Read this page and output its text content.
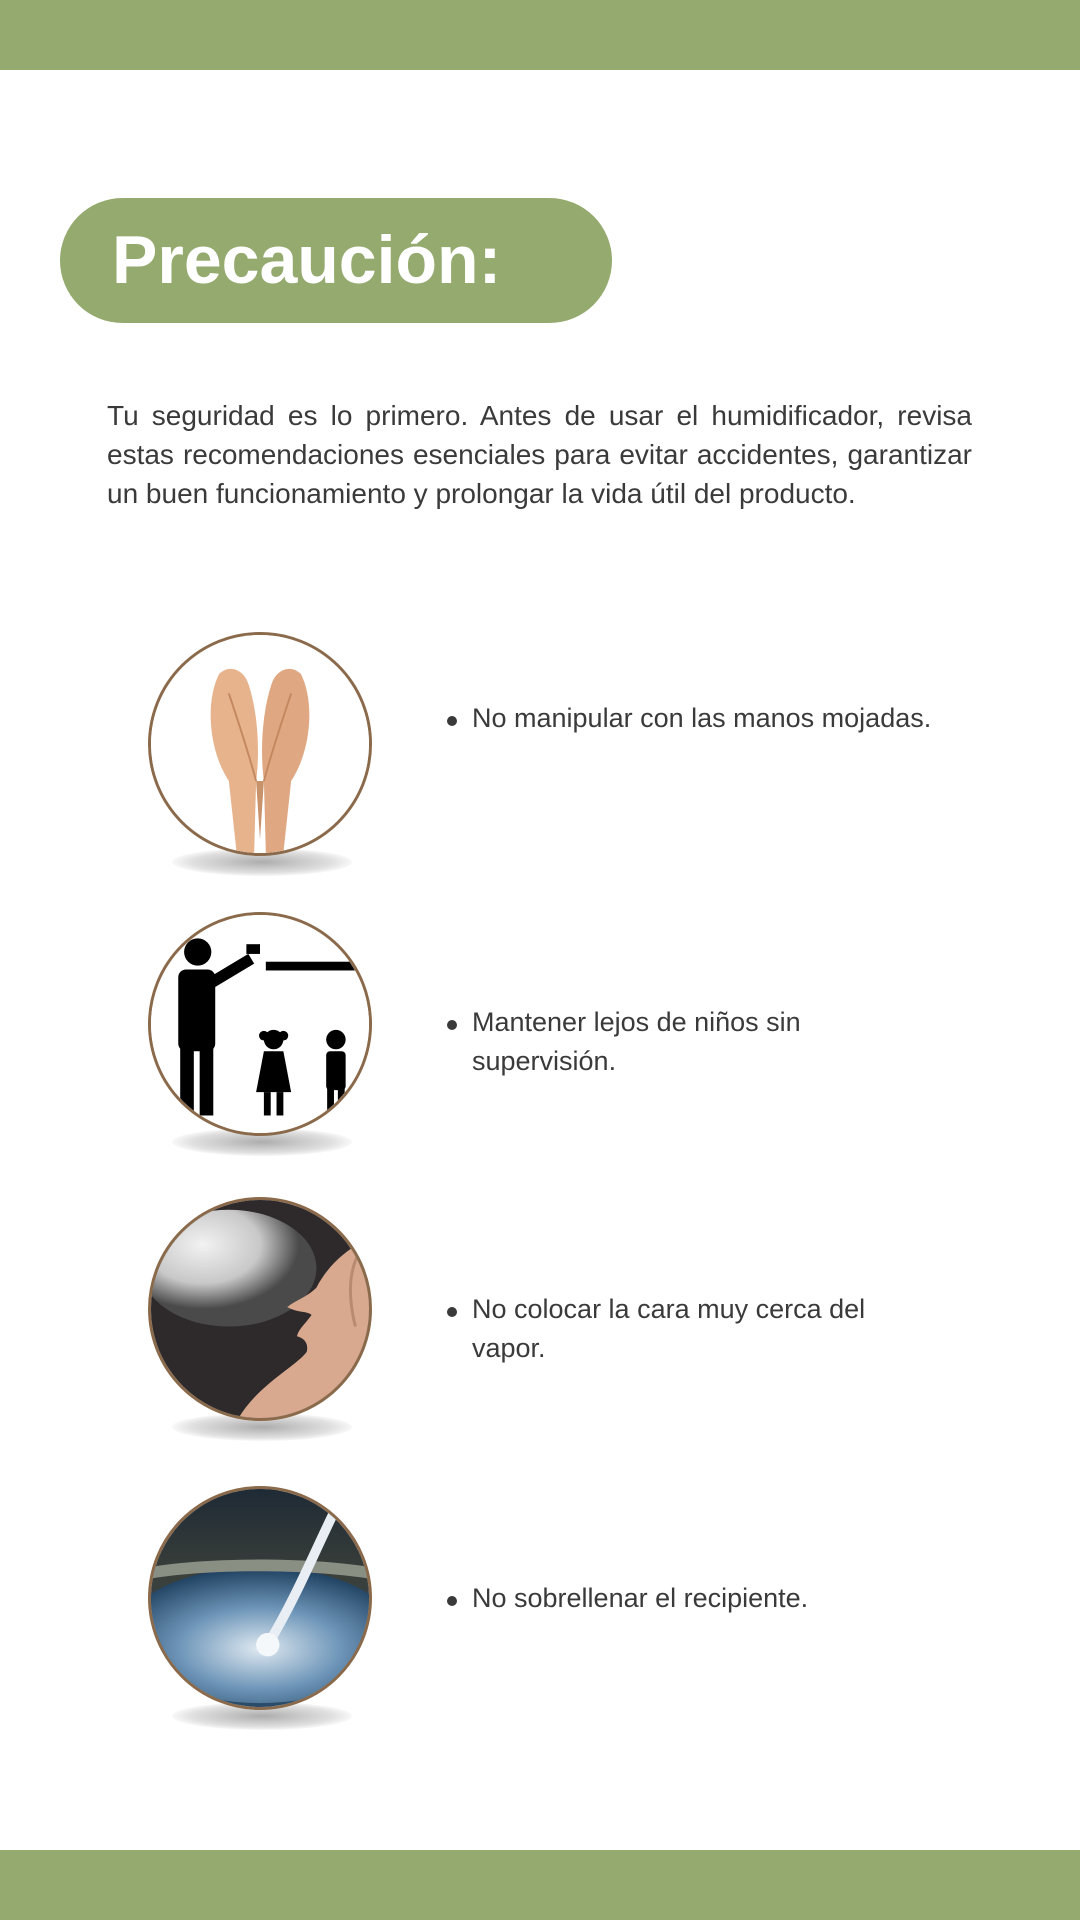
Precaución:

Tu seguridad es lo primero. Antes de usar el humidificador, revisa estas recomendaciones esenciales para evitar accidentes, garantizar un buen funcionamiento y prolongar la vida útil del producto.

No manipular con las manos mojadas.
Mantener lejos de niños sin supervisión.
No colocar la cara muy cerca del vapor.
No sobrellenar el recipiente.
